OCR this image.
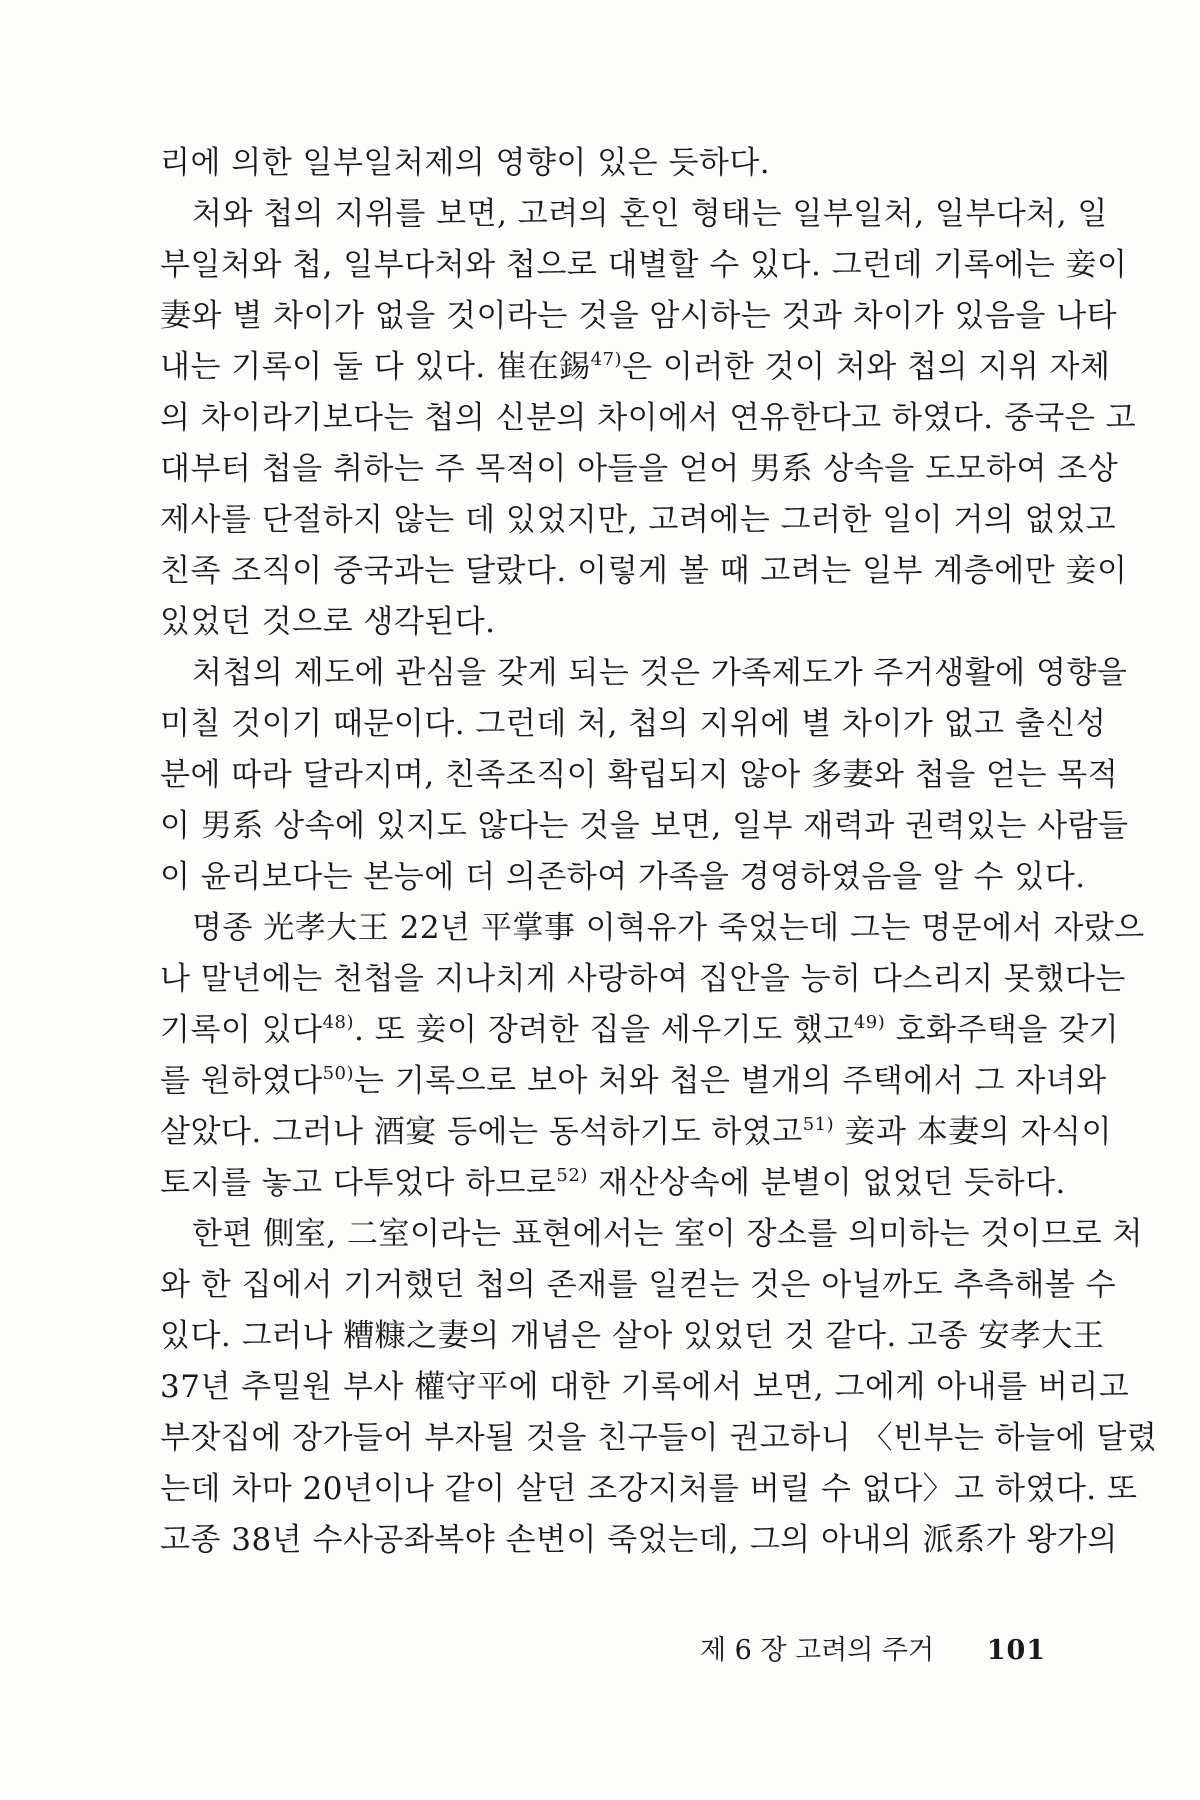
리에 의한 일부일처제의 영향이 있은 듯하다.
처와 첩의 지위를 보면, 고려의 혼인 형태는 일부일처, 일부다처, 일
부일처와 첩, 일부다처와 첩으로 대별할 수 있다. 그런데 기록에는 妾이
妻와 별 차이가 없을 것이라는 것을 암시하는 것과 차이가 있음을 나타
내는 기록이 둘 다 있다. 崔在錫$^{47)}$은 이러한 것이 처와 첩의 지위 자체
의 차이라기보다는 첩의 신분의 차이에서 연유한다고 하였다. 중국은 고
대부터 첩을 취하는 주 목적이 아들을 얻어 男系 상속을 도모하여 조상
제사를 단절하지 않는 데 있었지만, 고려에는 그러한 일이 거의 없었고
친족 조직이 중국과는 달랐다. 이렇게 볼 때 고려는 일부 계층에만 妾이
있었던 것으로 생각된다.
처첩의 제도에 관심을 갖게 되는 것은 가족제도가 주거생활에 영향을
미칠 것이기 때문이다. 그런데 처, 첩의 지위에 별 차이가 없고 출신성
분에 따라 달라지며, 친족조직이 확립되지 않아 多妻와 첩을 얻는 목적
이 男系 상속에 있지도 않다는 것을 보면, 일부 재력과 권력있는 사람들
이 윤리보다는 본능에 더 의존하여 가족을 경영하였음을 알 수 있다.
명종 光孝大王 22년 平掌事 이혁유가 죽었는데 그는 명문에서 자랐으
나 말년에는 천첩을 지나치게 사랑하여 집안을 능히 다스리지 못했다는
기록이 있다$^{48)}$. 또 妾이 장려한 집을 세우기도 했고$^{49)}$ 호화주택을 갖기
를 원하였다$^{50)}$는 기록으로 보아 처와 첩은 별개의 주택에서 그 자녀와
살았다. 그러나 酒宴 등에는 동석하기도 하였고$^{51)}$ 妾과 本妻의 자식이
토지를 놓고 다투었다 하므로$^{52)}$ 재산상속에 분별이 없었던 듯하다.
한편 側室, 二室이라는 표현에서는 室이 장소를 의미하는 것이므로 처
와 한 집에서 기거했던 첩의 존재를 일컫는 것은 아닐까도 추측해볼 수
있다. 그러나 糟糠之妻의 개념은 살아 있었던 것 같다. 고종 安孝大王
37년 추밀원 부사 權守平에 대한 기록에서 보면, 그에게 아내를 버리고
부잣집에 장가들어 부자될 것을 친구들이 권고하니 〈빈부는 하늘에 달렸
는데 차마 20년이나 같이 살던 조강지처를 버릴 수 없다〉고 하였다. 또
고종 38년 수사공좌복야 손변이 죽었는데, 그의 아내의 派系가 왕가의
제 6 장 고려의 주거 101
